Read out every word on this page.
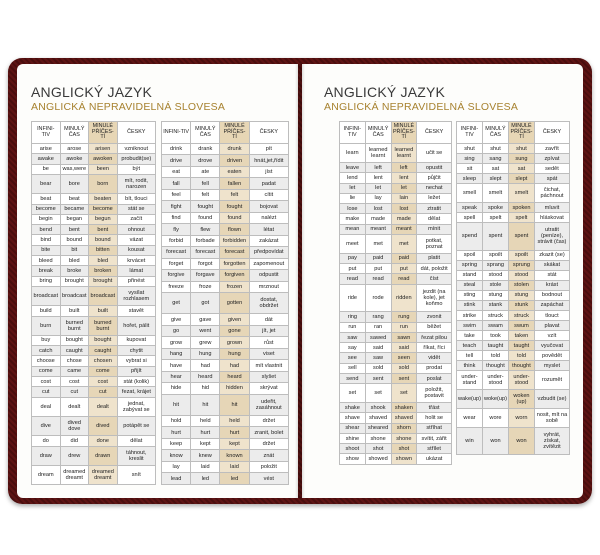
ANGLICKÝ JAZYK
ANGLICKÁ NEPRAVIDELNÁ SLOVESA
INFINI-TIV	MINULÝ ČAS	MINULÉ PŘÍČES-TÍ	ČESKY
arise	arose	arisen	vzniknout
awake	awoke	awoken	probudit(se)
be	was,were	been	být
bear	bore	born	mít, rodit, narozen
beat	beat	beaten	bít, tlouci
become	became	become	stát se
begin	began	begun	začít
bend	bent	bent	ohnout
bind	bound	bound	vázat
bite	bit	bitten	kousat
bleed	bled	bled	krvácet
break	broke	broken	lámat
bring	brought	brought	přinést
broadcast	broadcast	broadcast	vysílat rozhlasem
build	built	built	stavět
burn	burned burnt	burned burnt	hořet, pálit
buy	bought	bought	kupovat
catch	caught	caught	chytit
choose	chose	chosen	vybrat si
come	came	come	přijít
cost	cost	cost	stát (kolik)
cut	cut	cut	řezat, krájet
deal	dealt	dealt	jednat, zabývat se
dive	dived dove	dived	potápět se
do	did	done	dělat
draw	drew	drawn	táhnout, kreslit
dream	dreamed dreamt	dreamed dreamt	snít
INFINI-TIV	MINULÝ ČAS	MINULÉ PŘÍČES-TÍ	ČESKY
drink	drank	drunk	pít
drive	drove	driven	hnát,jet,řídit
eat	ate	eaten	jíst
fall	fell	fallen	padat
feel	felt	felt	cítit
fight	fought	fought	bojovat
find	found	found	nalézt
fly	flew	flown	létat
forbid	forbade	forbidden	zakázat
forecast	forecast	forecast	předpovídat
forget	forgot	forgotten	zapomenout
forgive	forgave	forgiven	odpustit
freeze	froze	frozen	mrznout
get	got	gotten	dostat, obdržet
give	gave	given	dát
go	went	gone	jít, jet
grow	grew	grown	růst
hang	hung	hung	viset
have	had	had	mít vlastnit
hear	heard	heard	slyšet
hide	hid	hidden	skrývat
hit	hit	hit	udeřit, zasáhnout
hold	held	held	držet
hurt	hurt	hurt	zranit, bolet
keep	kept	kept	držet
know	knew	known	znát
lay	laid	laid	položit
lead	led	led	vést
ANGLICKÝ JAZYK
ANGLICKÁ NEPRAVIDELNÁ SLOVESA
INFINI-TIV	MINULÝ ČAS	MINULÉ PŘÍČES-TÍ	ČESKY
learn	learned learnt	learned learnt	učit se
leave	left	left	opustit
lend	lent	lent	půjčit
let	let	let	nechat
lie	lay	lain	ležet
lose	lost	lost	ztratit
make	made	made	dělat
mean	meant	meant	mínit
meet	met	met	potkat, poznat
pay	paid	paid	platit
put	put	put	dát, položit
read	read	read	číst
ride	rode	ridden	jezdit (na kole), jet koňmo
ring	rang	rung	zvonit
run	ran	run	běžet
saw	sawed	sawn	řezat pilou
say	said	said	říkat, říci
see	saw	seen	vidět
sell	sold	sold	prodat
send	sent	sent	poslat
set	set	set	položit, postavit
shake	shook	shaken	třást
shave	shaved	shaved	holit se
shear	sheared	shorn	stříhat
shine	shone	shone	svítit, zářit
shoot	shot	shot	střílet
show	showed	shown	ukázat
INFINI-TIV	MINULÝ ČAS	MINULÉ PŘÍČES-TÍ	ČESKY
shut	shut	shut	zavřít
sing	sang	sung	zpívat
sit	sat	sat	sedět
sleep	slept	slept	spát
smell	smelt	smelt	čichat, páchnout
speak	spoke	spoken	mluvit
spell	spelt	spelt	hláskovat
spend	spent	spent	utratit (peníze), strávit (čas)
spoil	spoilt	spoilt	zkazit (se)
spring	sprang	sprung	skákat
stand	stood	stood	stát
steal	stole	stolen	krást
sting	stung	stung	bodnout
stink	stank	stunk	zapáchat
strike	struck	struck	tlouct
swim	swam	swum	plavat
take	took	taken	vzít
teach	taught	taught	vyučovat
tell	told	told	povědět
think	thought	thought	myslet
under-stand	under-stood	under-stood	rozumět
wake(up)	woke(up)	woken (up)	vzbudit (se)
wear	wore	worn	nosit, mít na sobě
win	won	won	vyhrát, získat, zvítězit
